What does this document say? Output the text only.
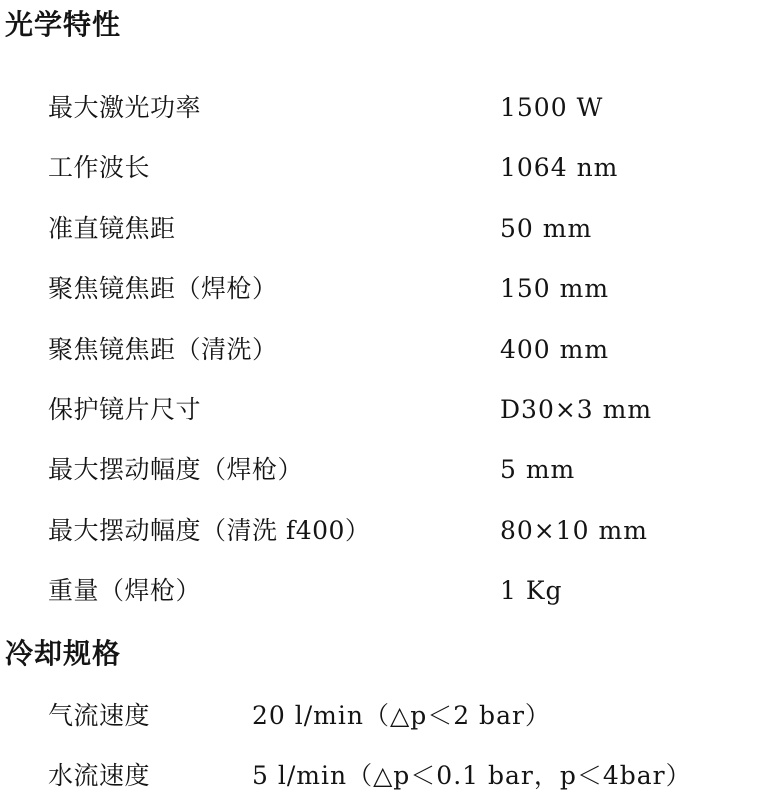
光学特性
最大激光功率	1500 W
工作波长	1064 nm
准直镜焦距	50 mm
聚焦镜焦距（焊枪）	150 mm
聚焦镜焦距（清洗）	400 mm
保护镜片尺寸	D30×3 mm
最大摆动幅度（焊枪）	5 mm
最大摆动幅度（清洗 f400）	80×10 mm
重量（焊枪）	1 Kg
冷却规格
气流速度	20 l/min（△p＜2 bar）
水流速度	5 l/min（△p＜0.1 bar，p＜4bar）
